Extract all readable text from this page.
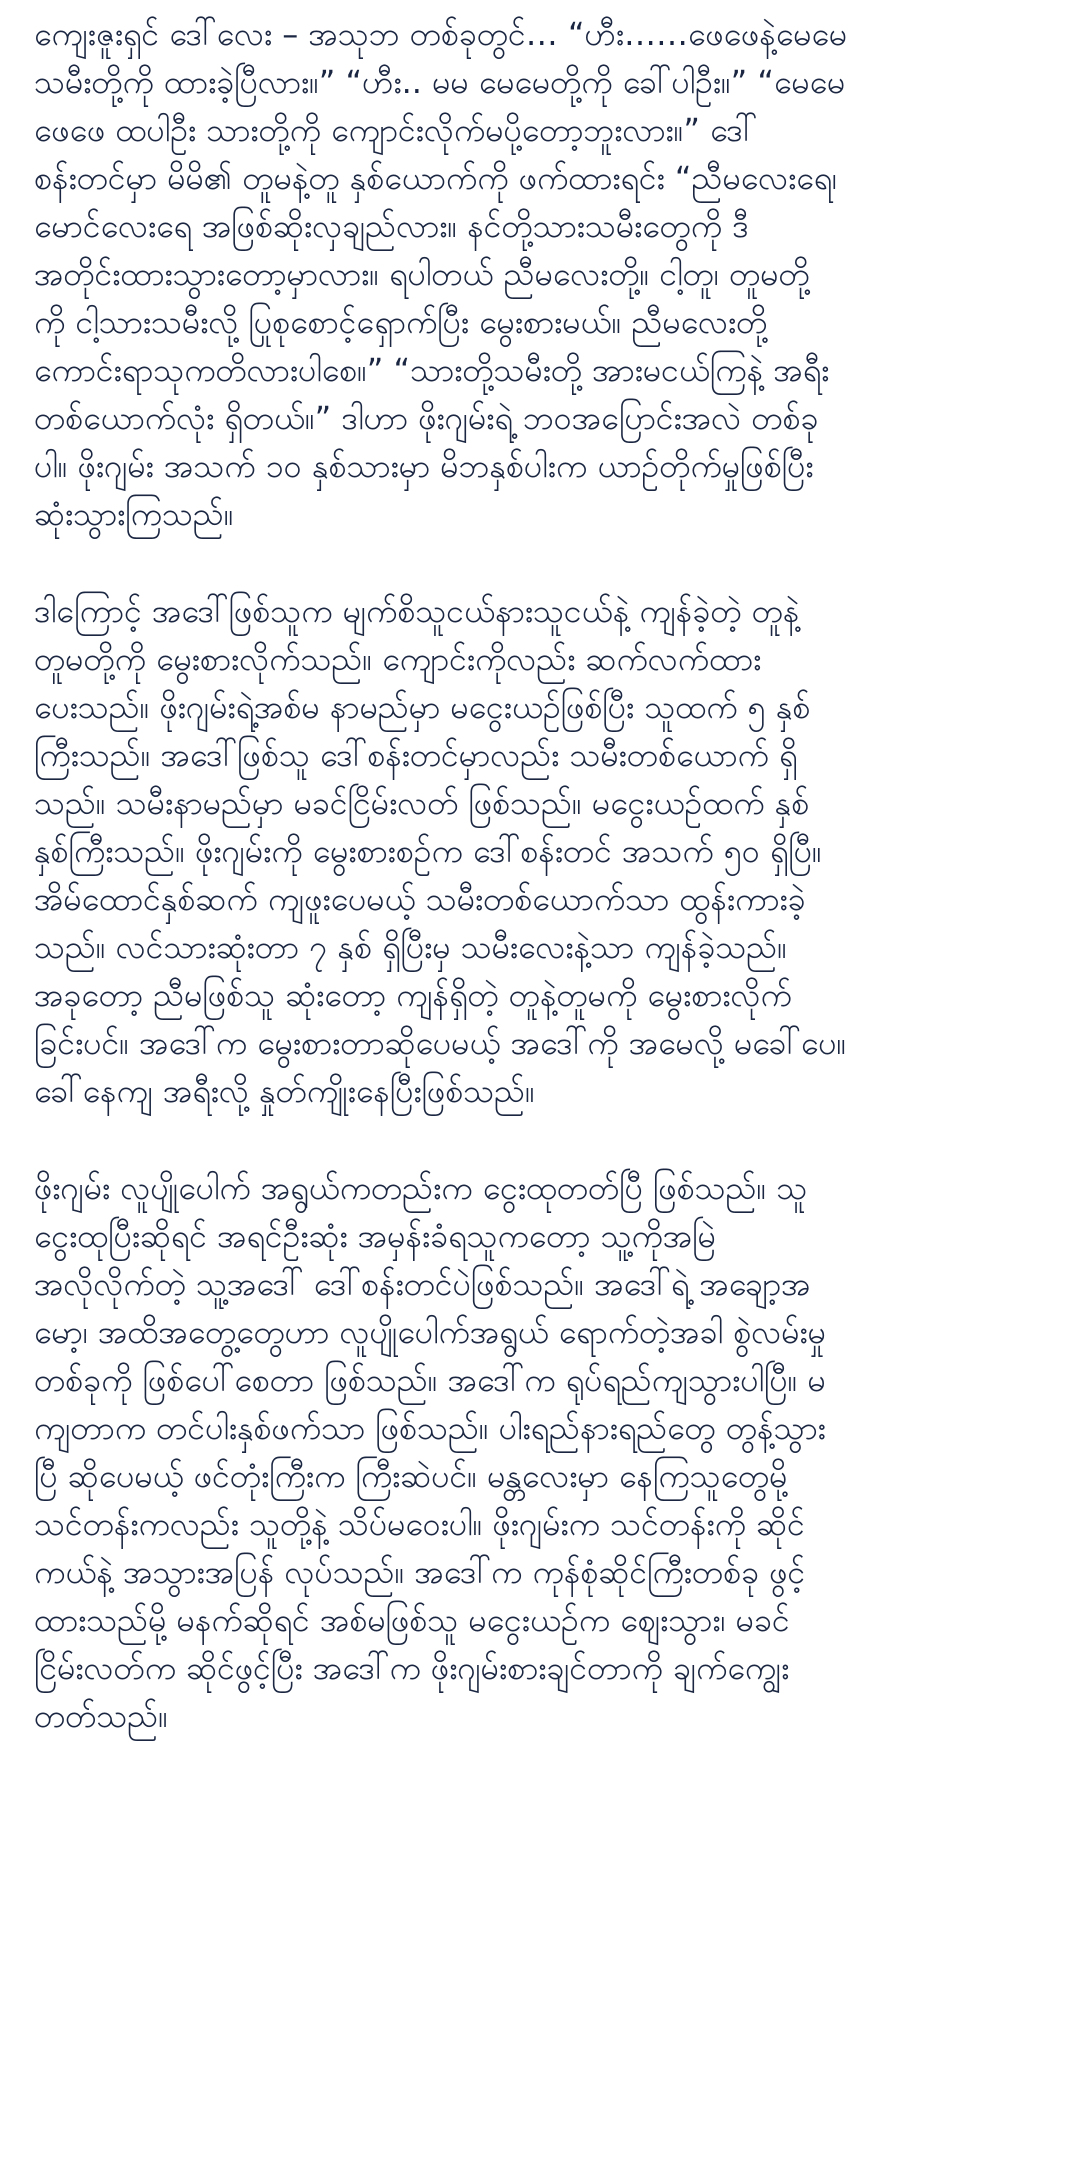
ကျေးဇူးရှင် ဒေါ်လေး – အသုဘ တစ်ခုတွင်… “ဟီး……ဖေဖေနဲ့မေမေ
သမီးတို့ကို ထားခဲ့ပြီလား။” “ဟီး.. မမ မေမေတို့ကို ခေါ်ပါဦး။” “မေမေ
ဖေဖေ ထပါဦး သားတို့ကို ကျောင်းလိုက်မပို့တော့ဘူးလား။” ဒေါ်
စန်းတင်မှာ မိမိ၏ တူမနဲ့တူ နှစ်ယောက်ကို ဖက်ထားရင်း “ညီမလေးရေ၊
မောင်လေးရေ အဖြစ်ဆိုးလှချည်လား။ နင်တို့သားသမီးတွေကို ဒီ
အတိုင်းထားသွားတော့မှာလား။ ရပါတယ် ညီမလေးတို့။ ငါ့တူ၊ တူမတို့
ကို ငါ့သားသမီးလို့ ပြုစုစောင့်ရှောက်ပြီး မွေးစားမယ်။ ညီမလေးတို့
ကောင်းရာသုကတိလားပါစေ။” “သားတို့သမီးတို့ အားမငယ်ကြနဲ့ အရီး
တစ်ယောက်လုံး ရှိတယ်။” ဒါဟာ ဖိုးဂျမ်းရဲ့ ဘဝအပြောင်းအလဲ တစ်ခု
ပါ။ ဖိုးဂျမ်း အသက် ၁၀ နှစ်သားမှာ မိဘနှစ်ပါးက ယာဉ်တိုက်မှုဖြစ်ပြီး
ဆုံးသွားကြသည်။
ဒါကြောင့် အဒေါ်ဖြစ်သူက မျက်စိသူငယ်နားသူငယ်နဲ့ ကျန်ခဲ့တဲ့ တူနဲ့
တူမတို့ကို မွေးစားလိုက်သည်။ ကျောင်းကိုလည်း ဆက်လက်ထား
ပေးသည်။ ဖိုးဂျမ်းရဲ့အစ်မ နာမည်မှာ မငွေးယဉ်ဖြစ်ပြီး သူထက် ၅ နှစ်
ကြီးသည်။ အဒေါ်ဖြစ်သူ ဒေါ်စန်းတင်မှာလည်း သမီးတစ်ယောက် ရှိ
သည်။ သမီးနာမည်မှာ မခင်ငြိမ်းလတ် ဖြစ်သည်။ မငွေးယဉ်ထက် နှစ်
နှစ်ကြီးသည်။ ဖိုးဂျမ်းကို မွေးစားစဉ်က ဒေါ်စန်းတင် အသက် ၅၀ ရှိပြီ။
အိမ်ထောင်နှစ်ဆက် ကျဖူးပေမယ့် သမီးတစ်ယောက်သာ ထွန်းကားခဲ့
သည်။ လင်သားဆုံးတာ ၇ နှစ် ရှိပြီးမှ သမီးလေးနဲ့သာ ကျန်ခဲ့သည်။
အခုတော့ ညီမဖြစ်သူ ဆုံးတော့ ကျန်ရှိတဲ့ တူနဲ့တူမကို မွေးစားလိုက်
ခြင်းပင်။ အဒေါ်က မွေးစားတာဆိုပေမယ့် အဒေါ်ကို အမေလို့ မခေါ်ပေ။
ခေါ်နေကျ အရီးလို့ နှုတ်ကျိုးနေပြီးဖြစ်သည်။
ဖိုးဂျမ်း လူပျိုပေါက် အရွယ်ကတည်းက ငွေးထုတတ်ပြီ ဖြစ်သည်။ သူ
ငွေးထုပြီးဆိုရင် အရင်ဦးဆုံး အမှန်းခံရသူကတော့ သူ့ကိုအမြဲ
အလိုလိုက်တဲ့ သူ့အဒေါ် ဒေါ်စန်းတင်ပဲဖြစ်သည်။ အဒေါ်ရဲ့ အချော့အ
မော့၊ အထိအတွေ့တွေဟာ လူပျိုပေါက်အရွယ် ရောက်တဲ့အခါ စွဲလမ်းမှု
တစ်ခုကို ဖြစ်ပေါ်စေတာ ဖြစ်သည်။ အဒေါ်က ရုပ်ရည်ကျသွားပါပြီ။ မ
ကျတာက တင်ပါးနှစ်ဖက်သာ ဖြစ်သည်။ ပါးရည်နားရည်တွေ တွန့်သွား
ပြီ ဆိုပေမယ့် ဖင်တုံးကြီးက ကြီးဆဲပင်။ မန္တလေးမှာ နေကြသူတွေမို့
သင်တန်းကလည်း သူတို့နဲ့ သိပ်မဝေးပါ။ ဖိုးဂျမ်းက သင်တန်းကို ဆိုင်
ကယ်နဲ့ အသွားအပြန် လုပ်သည်။ အဒေါ်က ကုန်စုံဆိုင်ကြီးတစ်ခု ဖွင့်
ထားသည်မို့ မနက်ဆိုရင် အစ်မဖြစ်သူ မငွေးယဉ်က ဈေးသွား၊ မခင်
ငြိမ်းလတ်က ဆိုင်ဖွင့်ပြီး အဒေါ်က ဖိုးဂျမ်းစားချင်တာကို ချက်ကျွေး
တတ်သည်။
